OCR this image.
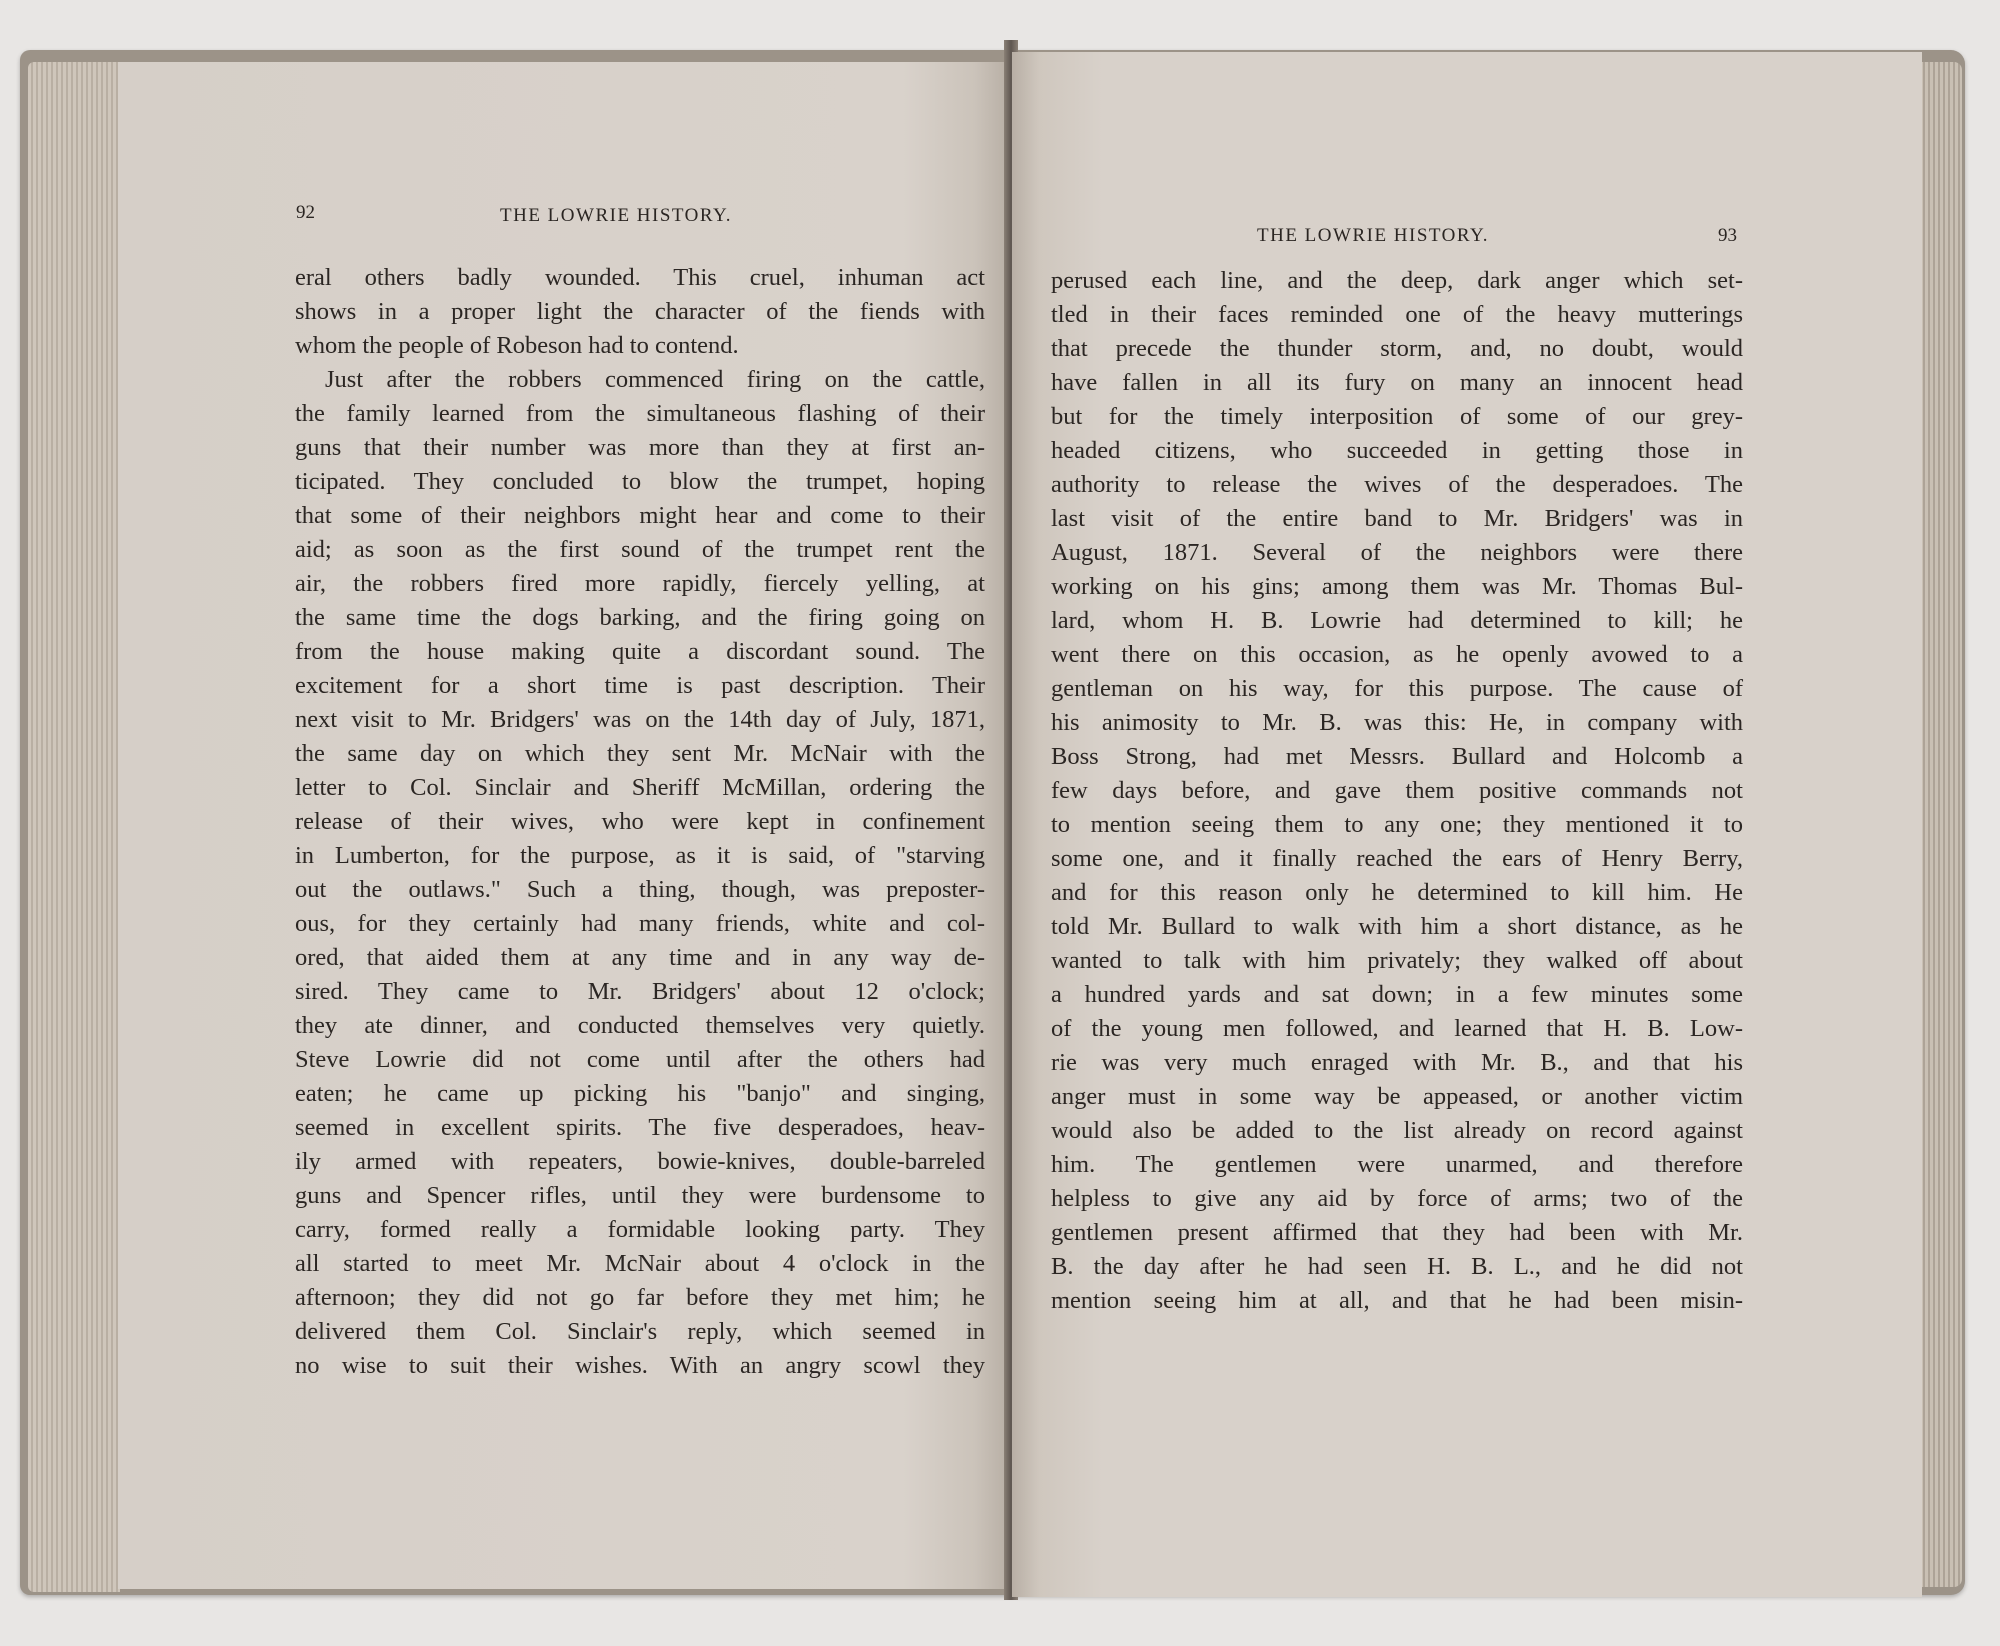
92	THE LOWRIE HISTORY.
eral others badly wounded. This cruel, inhuman act
shows in a proper light the character of the fiends with
whom the people of Robeson had to contend.
Just after the robbers commenced firing on the cattle,
the family learned from the simultaneous flashing of their
guns that their number was more than they at first an-
ticipated. They concluded to blow the trumpet, hoping
that some of their neighbors might hear and come to their
aid; as soon as the first sound of the trumpet rent the
air, the robbers fired more rapidly, fiercely yelling, at
the same time the dogs barking, and the firing going on
from the house making quite a discordant sound. The
excitement for a short time is past description. Their
next visit to Mr. Bridgers' was on the 14th day of July, 1871,
the same day on which they sent Mr. McNair with the
letter to Col. Sinclair and Sheriff McMillan, ordering the
release of their wives, who were kept in confinement
in Lumberton, for the purpose, as it is said, of "starving
out the outlaws." Such a thing, though, was preposter-
ous, for they certainly had many friends, white and col-
ored, that aided them at any time and in any way de-
sired. They came to Mr. Bridgers' about 12 o'clock;
they ate dinner, and conducted themselves very quietly.
Steve Lowrie did not come until after the others had
eaten; he came up picking his "banjo" and singing,
seemed in excellent spirits. The five desperadoes, heav-
ily armed with repeaters, bowie-knives, double-barreled
guns and Spencer rifles, until they were burdensome to
carry, formed really a formidable looking party. They
all started to meet Mr. McNair about 4 o'clock in the
afternoon; they did not go far before they met him; he
delivered them Col. Sinclair's reply, which seemed in
no wise to suit their wishes. With an angry scowl they
THE LOWRIE HISTORY.	93
perused each line, and the deep, dark anger which set-
tled in their faces reminded one of the heavy mutterings
that precede the thunder storm, and, no doubt, would
have fallen in all its fury on many an innocent head
but for the timely interposition of some of our grey-
headed citizens, who succeeded in getting those in
authority to release the wives of the desperadoes. The
last visit of the entire band to Mr. Bridgers' was in
August, 1871. Several of the neighbors were there
working on his gins; among them was Mr. Thomas Bul-
lard, whom H. B. Lowrie had determined to kill; he
went there on this occasion, as he openly avowed to a
gentleman on his way, for this purpose. The cause of
his animosity to Mr. B. was this: He, in company with
Boss Strong, had met Messrs. Bullard and Holcomb a
few days before, and gave them positive commands not
to mention seeing them to any one; they mentioned it to
some one, and it finally reached the ears of Henry Berry,
and for this reason only he determined to kill him. He
told Mr. Bullard to walk with him a short distance, as he
wanted to talk with him privately; they walked off about
a hundred yards and sat down; in a few minutes some
of the young men followed, and learned that H. B. Low-
rie was very much enraged with Mr. B., and that his
anger must in some way be appeased, or another victim
would also be added to the list already on record against
him. The gentlemen were unarmed, and therefore
helpless to give any aid by force of arms; two of the
gentlemen present affirmed that they had been with Mr.
B. the day after he had seen H. B. L., and he did not
mention seeing him at all, and that he had been misin-
